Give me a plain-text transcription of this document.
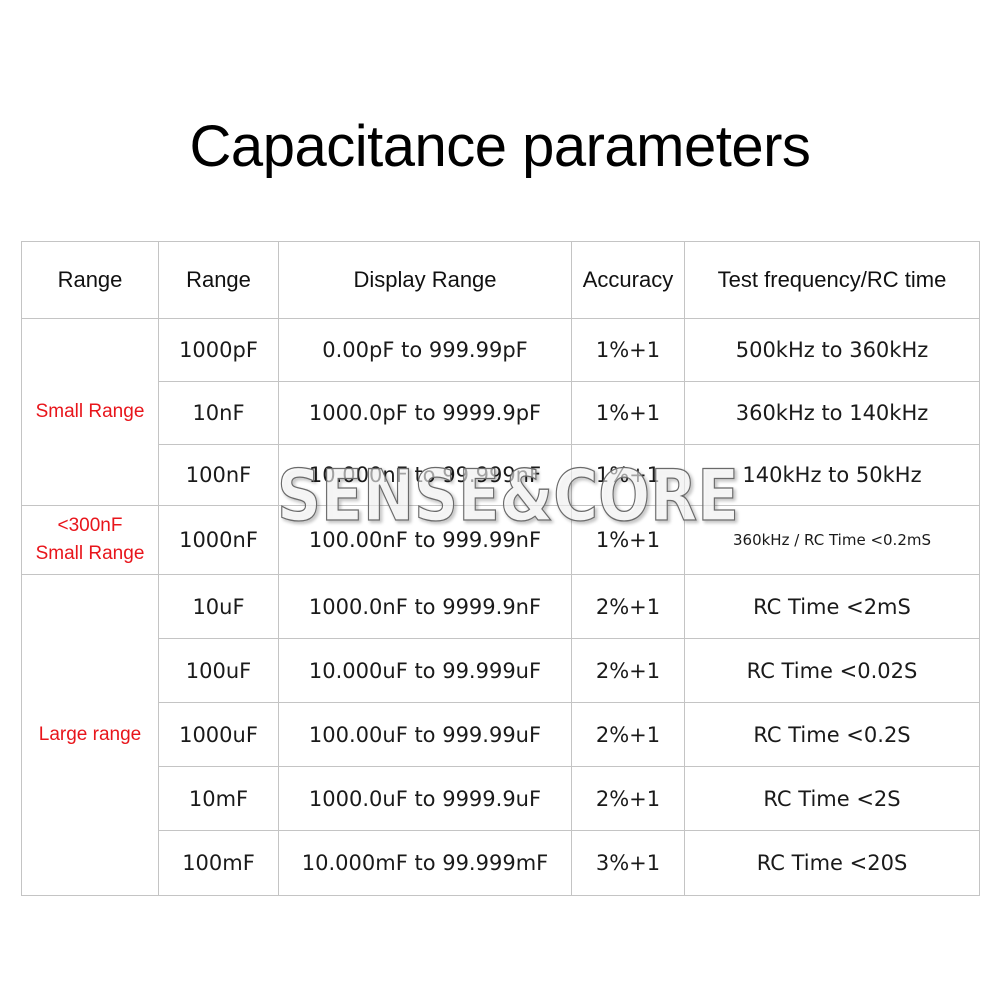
Capacitance parameters
Range	Range	Display Range	Accuracy	Test frequency/RC time
Small Range	1000pF	0.00pF to 999.99pF	1%+1	500kHz to 360kHz
	10nF	1000.0pF to 9999.9pF	1%+1	360kHz to 140kHz
	100nF	10.000nF to 99.999nF	1%+1	140kHz to 50kHz

<300nF
Small Range	1000nF	100.00nF to 999.99nF	1%+1	360kHz / RC Time <0.2mS
Large range	10uF	1000.0nF to 9999.9nF	2%+1	RC Time <2mS
	100uF	10.000uF to 99.999uF	2%+1	RC Time <0.02S
	1000uF	100.00uF to 999.99uF	2%+1	RC Time <0.2S
	10mF	1000.0uF to 9999.9uF	2%+1	RC Time <2S
	100mF	10.000mF to 99.999mF	3%+1	RC Time <20S
SENSE&CORE
